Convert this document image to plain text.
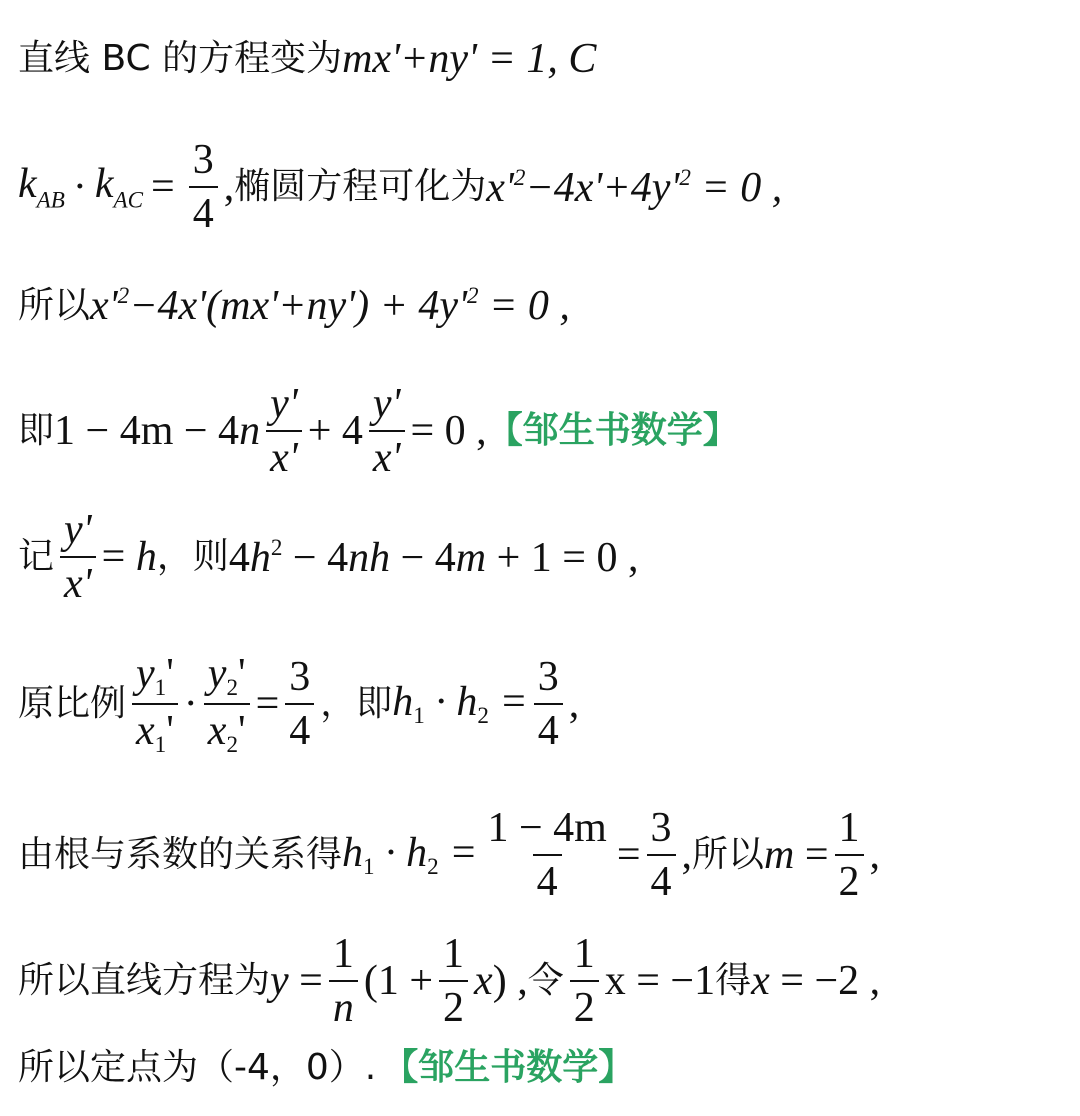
直线 BC 的方程变为 mx'+ny' = 1, C
$k_{AB} \cdot k_{AC} = \frac{3}{4}$ , 椭圆方程可化为 $x'^2-4x'+4y'^2 = 0$ ,
所以 $x'^2-4x'(mx'+ny') + 4y'^2 = 0$ ,
即 $1 - 4m - 4n \frac{y'}{x'} + 4 \frac{y'}{x'} = 0$ , 【邹生书数学】
记 $\frac{y'}{x'} = h$ ，则 $4h^2 - 4nh - 4m + 1 = 0$ ,
原比例 $\frac{y_1'}{x_1'} \cdot \frac{y_2'}{x_2'} = \frac{3}{4}$ ，即 $h_1 \cdot h_2 = \frac{3}{4}$ ,
由根与系数的关系得 $h_1 \cdot h_2 = \frac{1 - 4m}{4} = \frac{3}{4}$ , 所以 $m = \frac{1}{2}$ ,
所以直线方程为 $y = \frac{1}{n} (1 + \frac{1}{2} x)$ , 令 $\frac{1}{2}$ x = −1 得 x = −2 ,
所以定点为（-4，0）. 【邹生书数学】
